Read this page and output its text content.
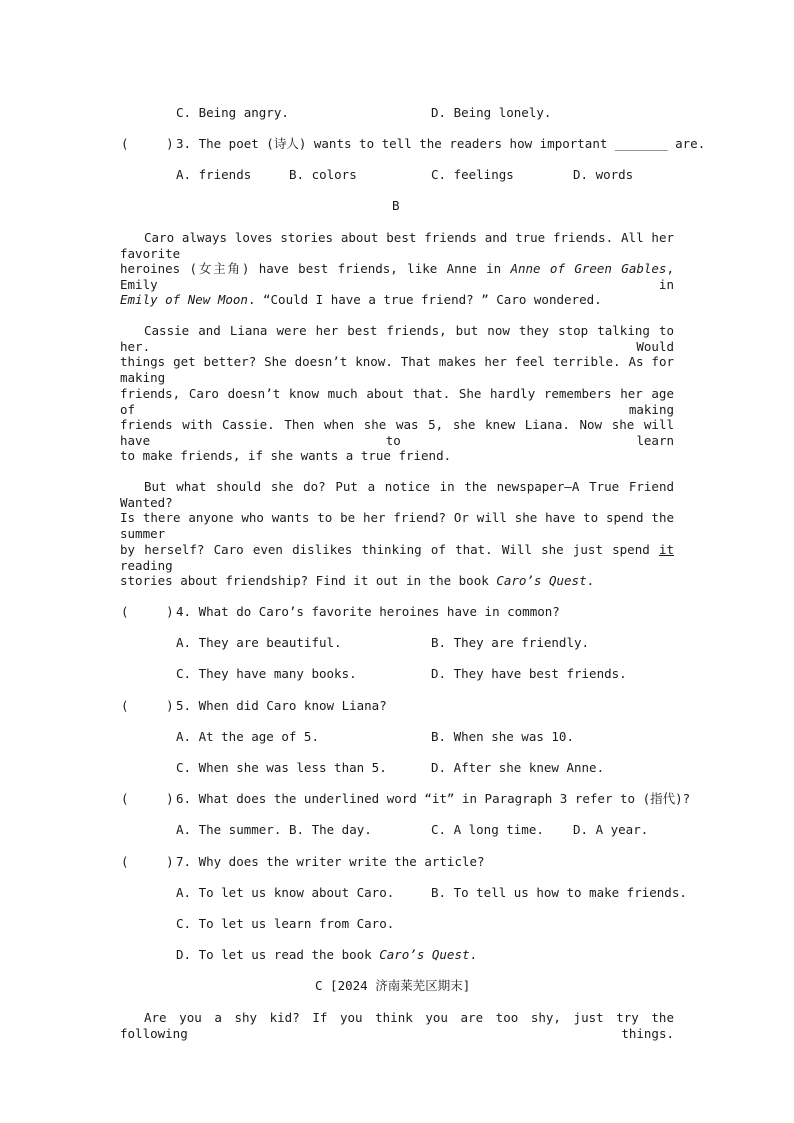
C. Being angry.	D. Being lonely.
(     ) 3. The poet (诗人) wants to tell the readers how important _______ are.
A. friends	B. colors	C. feelings	D. words
B
Caro always loves stories about best friends and true friends. All her favorite
heroines (女主角) have best friends, like Anne in Anne of Green Gables, Emily in
Emily of New Moon. “Could I have a true friend? ” Caro wondered.
Cassie and Liana were her best friends, but now they stop talking to her. Would
things get better? She doesn’t know. That makes her feel terrible. As for making
friends, Caro doesn’t know much about that. She hardly remembers her age of making
friends with Cassie. Then when she was 5, she knew Liana. Now she will have to learn
to make friends, if she wants a true friend.
But what should she do? Put a notice in the newspaper—A True Friend Wanted?
Is there anyone who wants to be her friend? Or will she have to spend the summer
by herself? Caro even dislikes thinking of that. Will she just spend it reading
stories about friendship? Find it out in the book Caro’s Quest.
(     ) 4. What do Caro’s favorite heroines have in common?
A. They are beautiful.	B. They are friendly.
C. They have many books.	D. They have best friends.
(     ) 5. When did Caro know Liana?
A. At the age of 5.	B. When she was 10.
C. When she was less than 5.	D. After she knew Anne.
(     ) 6. What does the underlined word “it” in Paragraph 3 refer to (指代)?
A. The summer. B. The day.	C. A long time. D. A year.
(     ) 7. Why does the writer write the article?
A. To let us know about Caro.	B. To tell us how to make friends.
C. To let us learn from Caro.
D. To let us read the book Caro’s Quest.
C [2024 济南莱芜区期末]
Are you a shy kid? If you think you are too shy, just try the following things.
